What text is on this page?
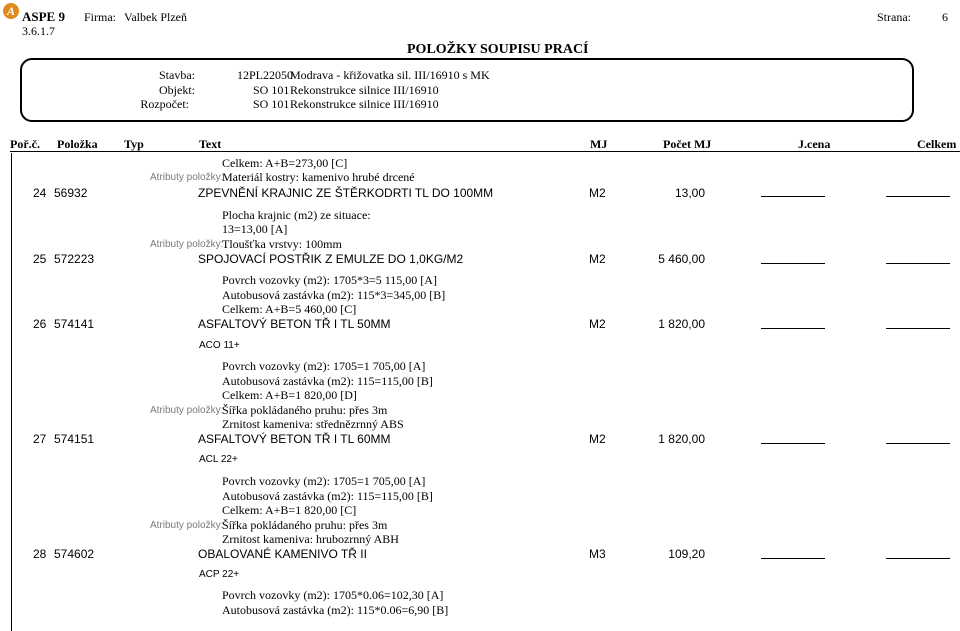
A ASPE 9
3.6.1.7
Firma: Valbek Plzeň	Strana:	6
POLOŽKY SOUPISU PRACÍ
Stavba:	12PL22050
Modrava - křižovatka sil. III/16910 s MK
Objekt:	SO 101 Rekonstrukce silnice III/16910
Rozpočet:	SO 101 Rekonstrukce silnice III/16910
Poř.č. Položka Typ	Text	MJ	Počet MJ	J.cena	Celkem
Celkem: A+B=273,00 [C]
Atributy položky:
Materiál kostry: kamenivo hrubé drcené
24 56932	ZPEVNĚNÍ KRAJNIC ZE ŠTĚRKODRTI TL DO 100MM	M2	13,00
Plocha krajnic (m2) ze situace:
13=13,00 [A]
Atributy položky:
Tloušťka vrstvy: 100mm
25 572223	SPOJOVACÍ POSTŘIK Z EMULZE DO 1,0KG/M2	M2	5 460,00
Povrch vozovky (m2): 1705*3=5 115,00 [A]
Autobusová zastávka (m2): 115*3=345,00 [B]
Celkem: A+B=5 460,00 [C]
26 574141	ASFALTOVÝ BETON TŘ I TL 50MM	M2	1 820,00
ACO 11+
Povrch vozovky (m2): 1705=1 705,00 [A]
Autobusová zastávka (m2): 115=115,00 [B]
Celkem: A+B=1 820,00 [D]
Atributy položky:
Šířka pokládaného pruhu: přes 3m
Zrnitost kameniva: střednězrnný ABS
27 574151	ASFALTOVÝ BETON TŘ I TL 60MM	M2	1 820,00
ACL 22+
Povrch vozovky (m2): 1705=1 705,00 [A]
Autobusová zastávka (m2): 115=115,00 [B]
Celkem: A+B=1 820,00 [C]
Atributy položky:
Šířka pokládaného pruhu: přes 3m
Zrnitost kameniva: hrubozrnný ABH
28 574602	OBALOVANÉ KAMENIVO TŘ II	M3	109,20
ACP 22+
Povrch vozovky (m2): 1705*0.06=102,30 [A]
Autobusová zastávka (m2): 115*0.06=6,90 [B]
